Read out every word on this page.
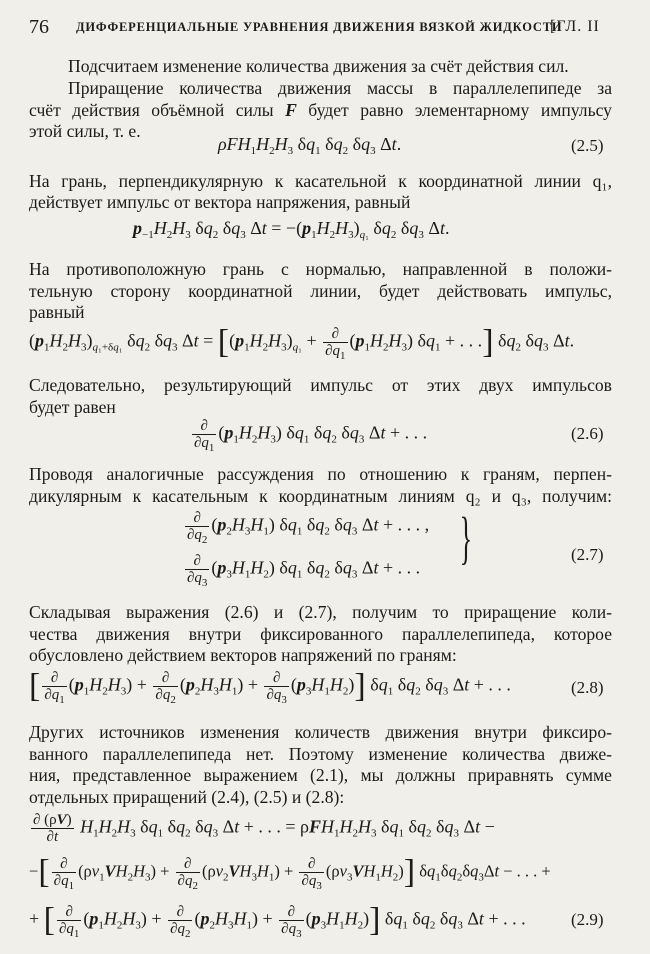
76 ДИФФЕРЕНЦИАЛЬНЫЕ УРАВНЕНИЯ ДВИЖЕНИЯ ВЯЗКОЙ ЖИДКОСТИ
[ГЛ. II
Подсчитаем изменение количества движения за счёт действия сил.
Приращение количества движения массы в параллелепипеде за
счёт действия объёмной силы F будет равно элементарному импульсу
этой силы, т. е.
$\rho FH_1H_2H_3$ $\delta q_1$ $\delta q_2$ $\delta q_3$ Δt.	(2.5)
На грань, перпендикулярную к касательной к координатной линии q₁,
действует импульс от вектора напряжения, равный
$p_{-1}H_2H_3$ $\delta q_2$ $\delta q_3$ $\Delta t = -(p_1H_2H_3)_{q_1}$ $\delta q_2$ $\delta q_3$ Δt.
На противоположную грань с нормалью, направленной в положи-
тельную сторону координатной линии, будет действовать импульс,
равный
$(p_1H_2H_3)_{q_1+\delta q_1}$ $\delta q_2$ $\delta q_3$ $\Delta t = [(p_1H_2H_3)_{q_1} + \frac{\partial}{\partial q_1} (p_1H_2H_3) \delta q_1$ + . . .] $\delta q_2$ $\delta q_3$ Δt.
Следовательно, результирующий импульс от этих двух импульсов
будет равен
$\frac{\partial}{\partial q_1} (p_1H_2H_3)$ $\delta q_1$ $\delta q_2$ $\delta q_3$ Δt + . . .	(2.6)
Проводя аналогичные рассуждения по отношению к граням, перпен-
дикулярным к касательным к координатным линиям q₂ и q₃, получим:
$\frac{\partial}{\partial q_2} (p_2H_3H_1)$ $\delta q_1$ $\delta q_2$ $\delta q_3$ Δt + . . . ,
$\frac{\partial}{\partial q_3} (p_3H_1H_2)$ $\delta q_1$ $\delta q_2$ $\delta q_3$ Δt + . . . }	(2.7)
Складывая выражения (2.6) и (2.7), получим то приращение коли-
чества движения внутри фиксированного параллелепипеда, которое
обусловлено действием векторов напряжений по граням:
[ $\frac{\partial}{\partial q_1} (p_1H_2H_3) + \frac{\partial}{\partial q_2} (p_2H_3H_1) + \frac{\partial}{\partial q_3} (p_3H_1H_2)$] $\delta q_1$ $\delta q_2$ $\delta q_3$ Δt + . . .	(2.8)
Других источников изменения количеств движения внутри фиксиро-
ванного параллелепипеда нет. Поэтому изменение количества движе-
ния, представленное выражением (2.1), мы должны приравнять сумме
отдельных приращений (2.4), (2.5) и (2.8):
$\frac{\partial (\rho V)}{\partial t} H_1H_2H_3$ $\delta q_1$ $\delta q_2$ $\delta q_3$ Δt + . . . = $\rho FH_1H_2H_3$ $\delta q_1$ $\delta q_2$ $\delta q_3$ Δt −
−[ $\frac{\partial}{\partial q_1} (\rho v_1VH_2H_3) + \frac{\partial}{\partial q_2} (\rho v_2VH_3H_1) + \frac{\partial}{\partial q_3} (\rho v_3VH_1H_2)$] $\delta q_1\delta q_2\delta q_3\Delta t$ − . . . +
+ [ $\frac{\partial}{\partial q_1} (p_1H_2H_3) + \frac{\partial}{\partial q_2} (p_2H_3H_1) + \frac{\partial}{\partial q_3} (p_3H_1H_2)$] $\delta q_1$ $\delta q_2$ $\delta q_3$ Δt + . . .	(2.9)
